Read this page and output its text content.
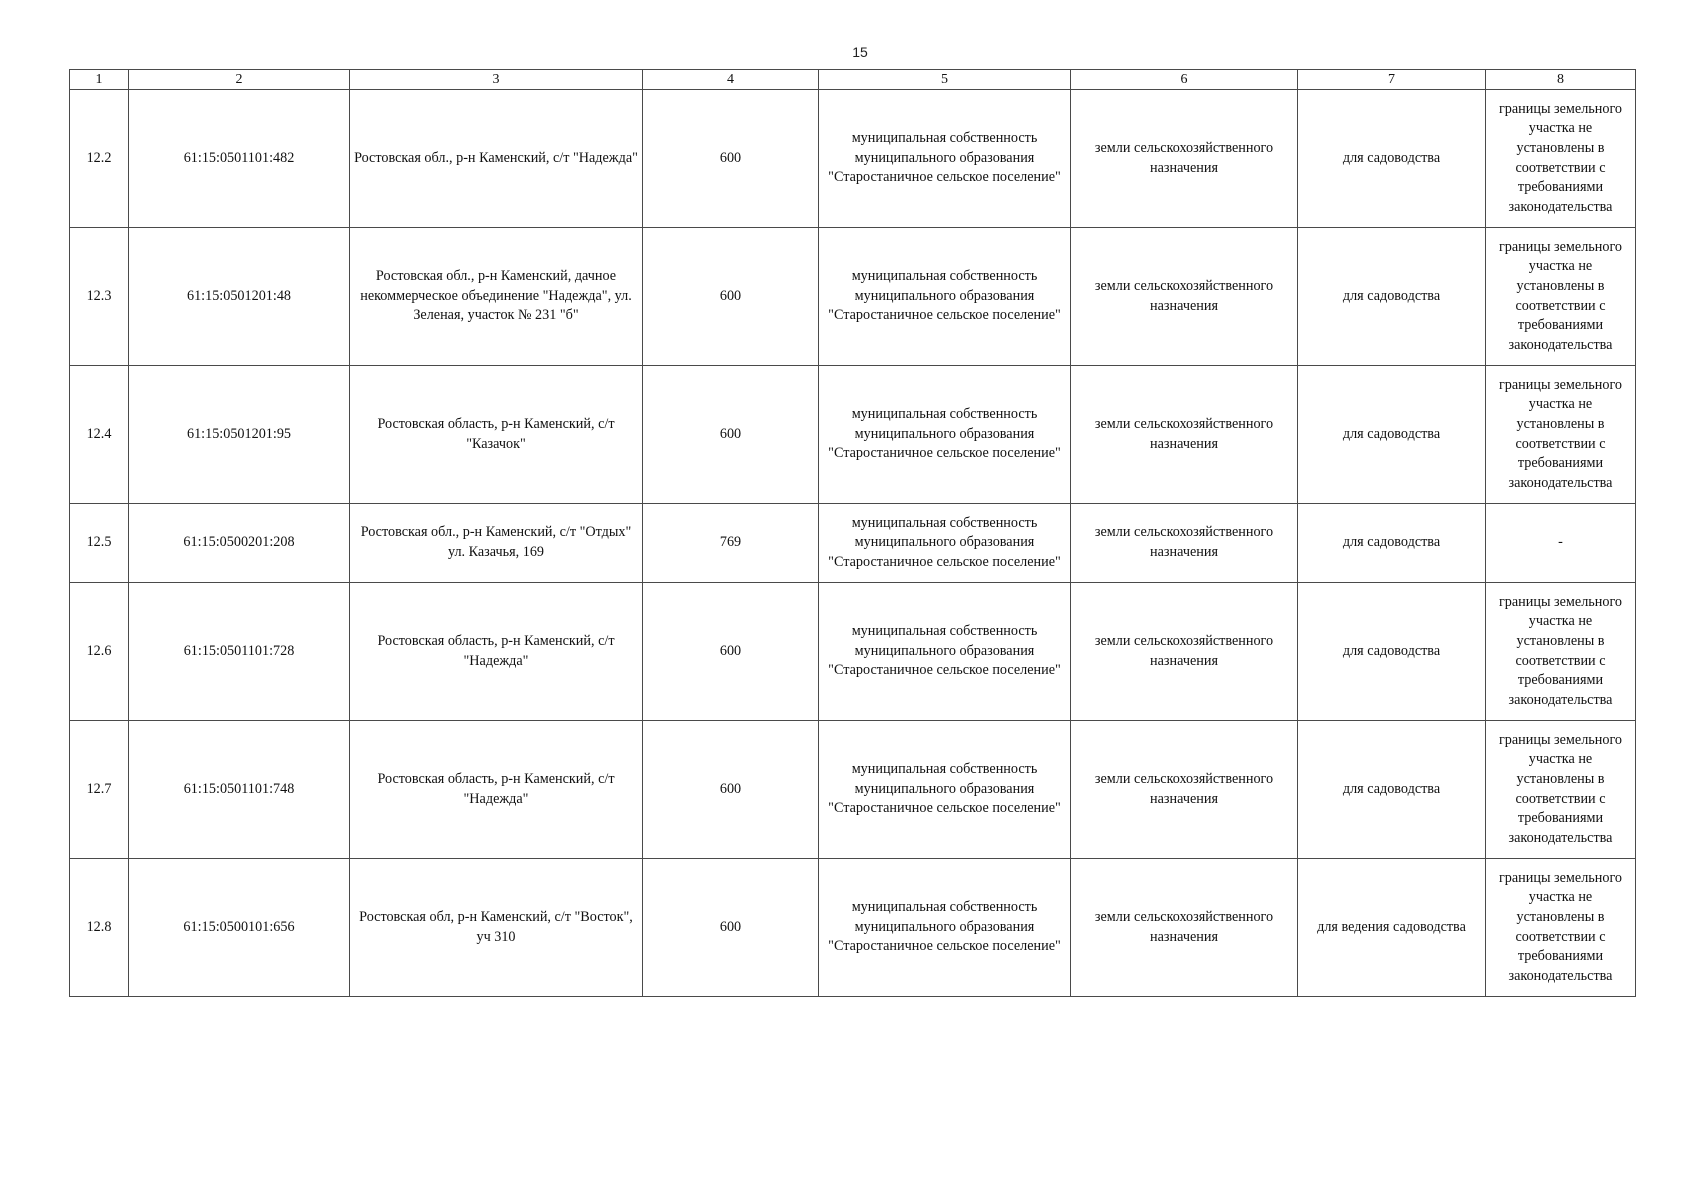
15
1	2	3	4	5	6	7	8
12.2	61:15:0501101:482	Ростовская обл., р-н Каменский, с/т "Надежда"	600	муниципальная собственность муниципального образования "Старостаничное сельское поселение"	земли сельскохозяйственного назначения	для садоводства	границы земельного участка не установлены в соответствии с требованиями законодательства
12.3	61:15:0501201:48	Ростовская обл., р-н Каменский, дачное некоммерческое объединение "Надежда", ул. Зеленая, участок № 231 "б"	600	муниципальная собственность муниципального образования "Старостаничное сельское поселение"	земли сельскохозяйственного назначения	для садоводства	границы земельного участка не установлены в соответствии с требованиями законодательства
12.4	61:15:0501201:95	Ростовская область, р-н Каменский, с/т "Казачок"	600	муниципальная собственность муниципального образования "Старостаничное сельское поселение"	земли сельскохозяйственного назначения	для садоводства	границы земельного участка не установлены в соответствии с требованиями законодательства
12.5	61:15:0500201:208	Ростовская обл., р-н Каменский, с/т "Отдых" ул. Казачья, 169	769	муниципальная собственность муниципального образования "Старостаничное сельское поселение"	земли сельскохозяйственного назначения	для садоводства	-
12.6	61:15:0501101:728	Ростовская область, р-н Каменский, с/т "Надежда"	600	муниципальная собственность муниципального образования "Старостаничное сельское поселение"	земли сельскохозяйственного назначения	для садоводства	границы земельного участка не установлены в соответствии с требованиями законодательства
12.7	61:15:0501101:748	Ростовская область, р-н Каменский, с/т "Надежда"	600	муниципальная собственность муниципального образования "Старостаничное сельское поселение"	земли сельскохозяйственного назначения	для садоводства	границы земельного участка не установлены в соответствии с требованиями законодательства
12.8	61:15:0500101:656	Ростовская обл, р-н Каменский, с/т "Восток", уч 310	600	муниципальная собственность муниципального образования "Старостаничное сельское поселение"	земли сельскохозяйственного назначения	для ведения садоводства	границы земельного участка не установлены в соответствии с требованиями законодательства
